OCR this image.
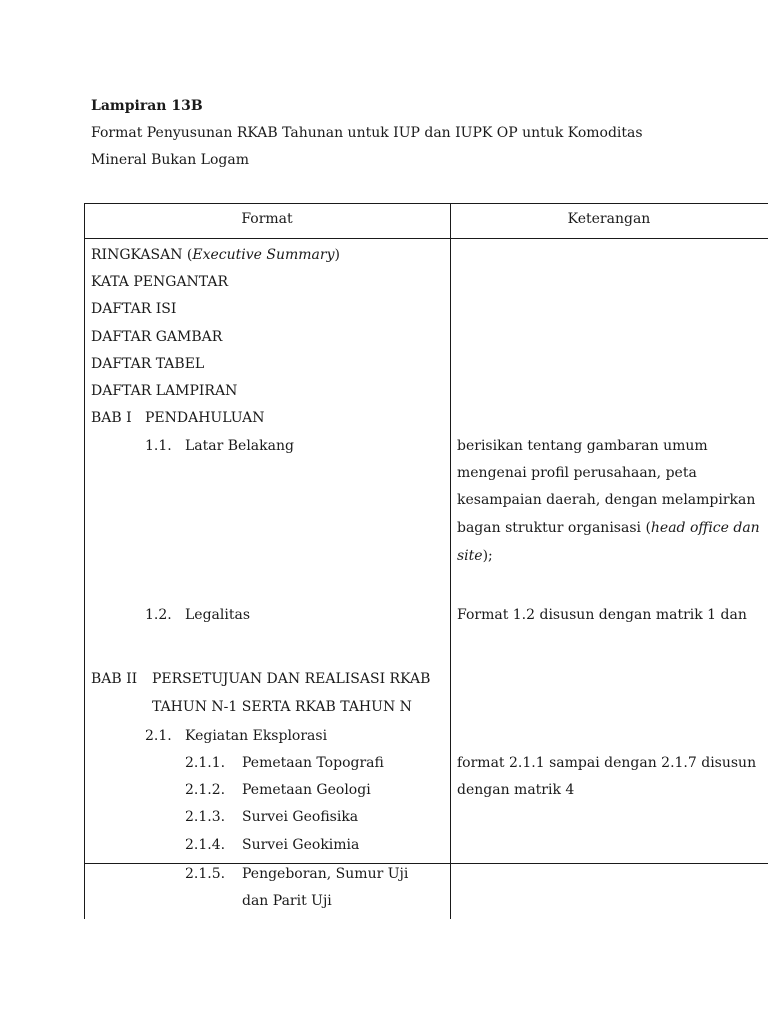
Lampiran 13B
Format Penyusunan RKAB Tahunan untuk IUP dan IUPK OP untuk Komoditas
Mineral Bukan Logam
Format	Keterangan
RINGKASAN (Executive Summary)
KATA PENGANTAR
DAFTAR ISI
DAFTAR GAMBAR
DAFTAR TABEL
DAFTAR LAMPIRAN
BAB I PENDAHULUAN
1.1. Latar Belakang
1.2. Legalitas
BAB II PERSETUJUAN DAN REALISASI RKAB
TAHUN N-1 SERTA RKAB TAHUN N
2.1. Kegiatan Eksplorasi
2.1.1. Pemetaan Topografi
2.1.2. Pemetaan Geologi
2.1.3. Survei Geofisika
2.1.4. Survei Geokimia
2.1.5. Pengeboran, Sumur Uji
dan Parit Uji
berisikan tentang gambaran umum
mengenai profil perusahaan, peta
kesampaian daerah, dengan melampirkan
bagan struktur organisasi (head office dan
site);
Format 1.2 disusun dengan matrik 1 dan
format 2.1.1 sampai dengan 2.1.7 disusun
dengan matrik 4
